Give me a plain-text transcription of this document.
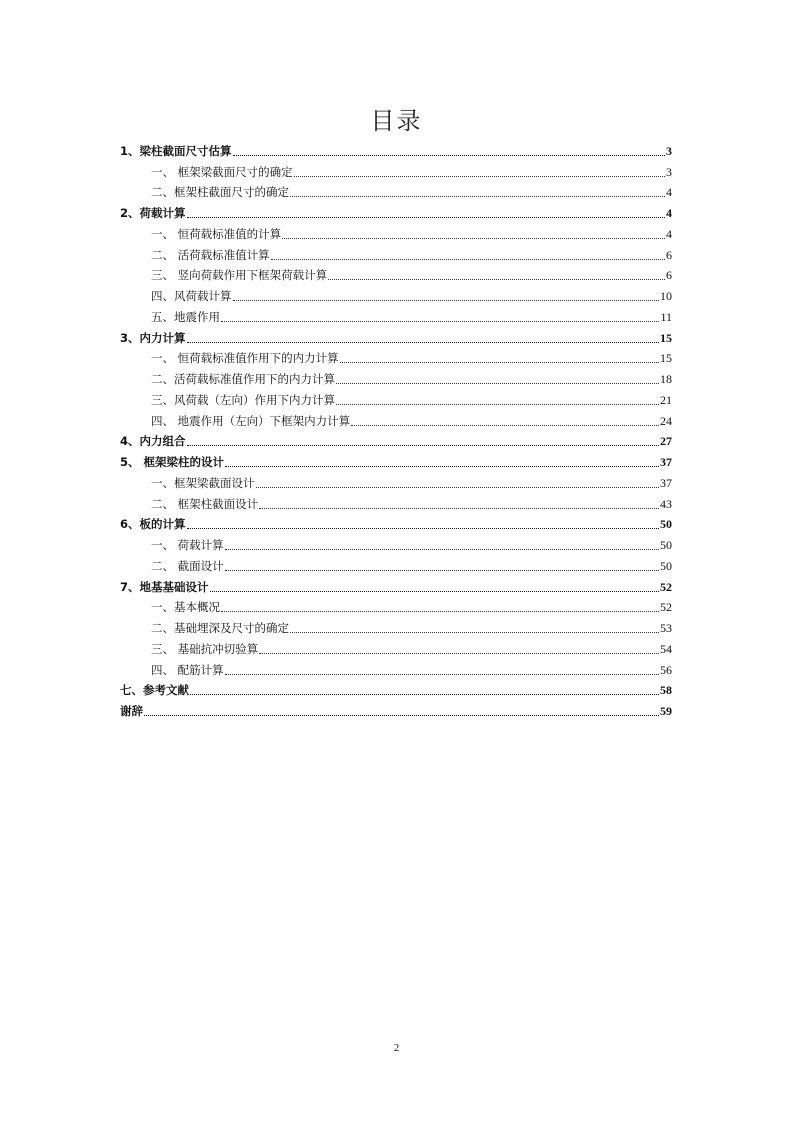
目录
1、梁柱截面尺寸估算	3
一、 框架梁截面尺寸的确定	3
二、框架柱截面尺寸的确定	4
2、荷载计算	4
一、 恒荷载标准值的计算	4
二、 活荷载标准值计算	6
三、 竖向荷载作用下框架荷载计算	6
四、风荷载计算	10
五、地震作用	11
3、内力计算	15
一、 恒荷载标准值作用下的内力计算	15
二、活荷载标准值作用下的内力计算	18
三、风荷载（左向）作用下内力计算	21
四、 地震作用（左向）下框架内力计算	24
4、内力组合	27
5、 框架梁柱的设计	37
一、框架梁截面设计	37
二、 框架柱截面设计	43
6、板的计算	50
一、 荷载计算	50
二、 截面设计	50
7、地基基础设计	52
一、基本概况	52
二、基础埋深及尺寸的确定	53
三、 基础抗冲切验算	54
四、 配筋计算	56
七、参考文献	58
谢辞	59
2
